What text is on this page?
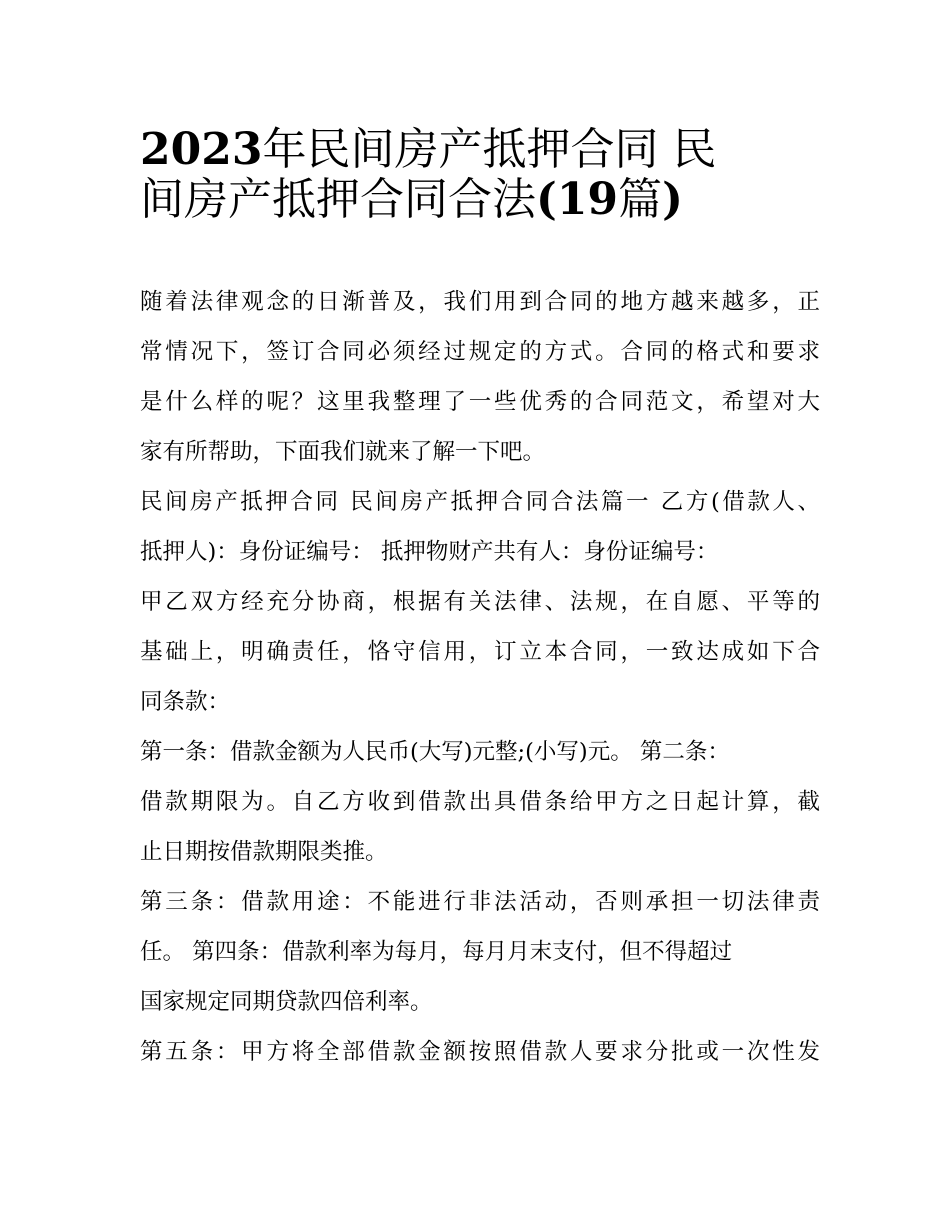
2023年民间房产抵押合同 民
间房产抵押合同合法(19篇)
随着法律观念的日渐普及，我们用到合同的地方越来越多，正
常情况下，签订合同必须经过规定的方式。合同的格式和要求
是什么样的呢？这里我整理了一些优秀的合同范文，希望对大
家有所帮助，下面我们就来了解一下吧。
民间房产抵押合同 民间房产抵押合同合法篇一 乙方(借款人、
抵押人)：身份证编号： 抵押物财产共有人：身份证编号：
甲乙双方经充分协商，根据有关法律、法规，在自愿、平等的
基础上，明确责任，恪守信用，订立本合同，一致达成如下合
同条款：
第一条：借款金额为人民币(大写)元整;(小写)元。 第二条：
借款期限为。自乙方收到借款出具借条给甲方之日起计算，截
止日期按借款期限类推。
第三条：借款用途：不能进行非法活动，否则承担一切法律责
任。 第四条：借款利率为每月，每月月末支付，但不得超过
国家规定同期贷款四倍利率。
第五条：甲方将全部借款金额按照借款人要求分批或一次性发
